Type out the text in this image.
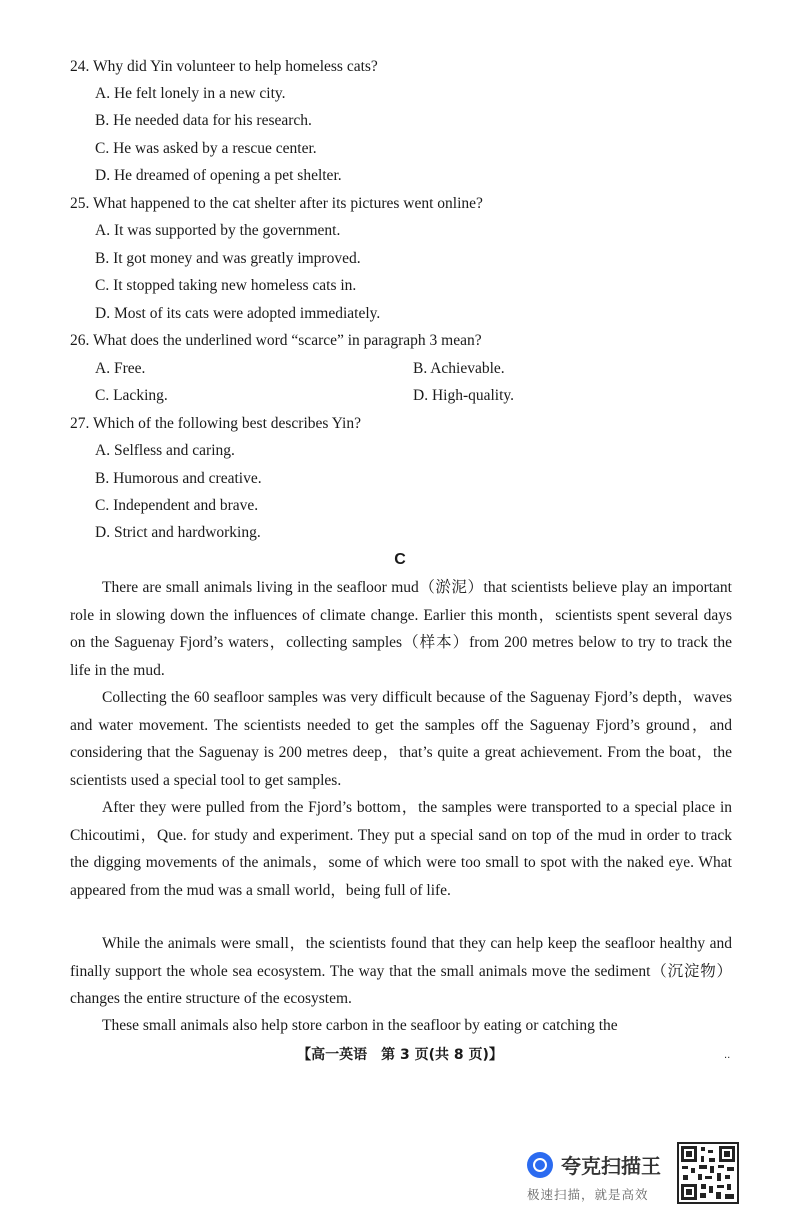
24. Why did Yin volunteer to help homeless cats?
A. He felt lonely in a new city.
B. He needed data for his research.
C. He was asked by a rescue center.
D. He dreamed of opening a pet shelter.
25. What happened to the cat shelter after its pictures went online?
A. It was supported by the government.
B. It got money and was greatly improved.
C. It stopped taking new homeless cats in.
D. Most of its cats were adopted immediately.
26. What does the underlined word “scarce” in paragraph 3 mean?
A. Free.	B. Achievable.
C. Lacking.	D. High-quality.
27. Which of the following best describes Yin?
A. Selfless and caring.
B. Humorous and creative.
C. Independent and brave.
D. Strict and hardworking.
C

There are small animals living in the seafloor mud（淤泥）that scientists believe play an important role in slowing down the influences of climate change. Earlier this month，scientists spent several days on the Saguenay Fjord’s waters，collecting samples（样本）from 200 metres below to try to track the life in the mud.

Collecting the 60 seafloor samples was very difficult because of the Saguenay Fjord’s depth，waves and water movement. The scientists needed to get the samples off the Saguenay Fjord’s ground，and considering that the Saguenay is 200 metres deep，that’s quite a great achievement. From the boat，the scientists used a special tool to get samples.

After they were pulled from the Fjord’s bottom，the samples were transported to a special place in Chicoutimi，Que. for study and experiment. They put a special sand on top of the mud in order to track the digging movements of the animals，some of which were too small to spot with the naked eye. What appeared from the mud was a small world，being full of life.

While the animals were small，the scientists found that they can help keep the seafloor healthy and finally support the whole sea ecosystem. The way that the small animals move the sediment（沉淀物）changes the entire structure of the ecosystem.

These small animals also help store carbon in the seafloor by eating or catching the

【高一英语　第 3 页(共 8 页)】	..
夸克扫描王
极速扫描，就是高效
